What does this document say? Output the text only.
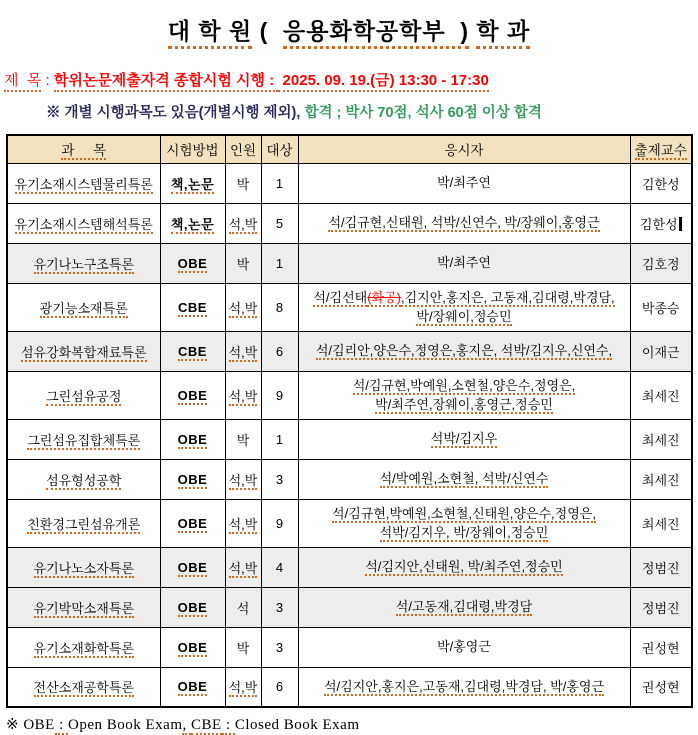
대 학 원 (  응용화학공학부  ) 학 과
제  목 : 학위논문제출자격 종합시험 시행 :  2025. 09. 19.(금) 13:30 - 17:30
※ 개별 시행과목도 있음(개별시행 제외), 합격 ; 박사 70점, 석사 60점 이상 합격
과     목	시험방법	인원	대상	응시자	출제교수
유기소재시스템물리특론	책,논문	박	1	박/최주연	김한성
유기소재시스템해석특론	책,논문	석,박	5	석/김규현,신태원, 석박/신연수, 박/장웨이,홍영근	김한성
유기나노구조특론	OBE	박	1	박/최주연	김호정
광기능소재특론	CBE	석,박	8	석/김선태(화공),김지안,홍지은, 고동재,김대령,박경담,
박/장웨이,정승민	박종승
섬유강화복합재료특론	CBE	석,박	6	석/김리안,양은수,정영은,홍지은, 석박/김지우,신연수,	이재근
그린섬유공정	OBE	석,박	9	석/김규현,박예원,소현철,양은수,정영은,
박/최주연,장웨이,홍영근,정승민	최세진
그린섬유집합체특론	OBE	박	1	석박/김지우	최세진
섬유형성공학	OBE	석,박	3	석/박예원,소현철, 석박/신연수	최세진
친환경그린섬유개론	OBE	석,박	9	석/김규현,박예원,소현철,신태원,양은수,정영은,
석박/김지우, 박/장웨이,정승민	최세진
유기나노소자특론	OBE	석,박	4	석/김지안,신태원, 박/최주연,정승민	정범진
유기박막소재특론	OBE	석	3	석/고동재,김대령,박경담	정범진
유기소재화학특론	OBE	박	3	박/홍영근	권성현
전산소재공학특론	OBE	석,박	6	석/김지안,홍지은,고동재,김대령,박경담, 박/홍영근	권성현
※ OBE : Open Book Exam, CBE : Closed Book Exam
